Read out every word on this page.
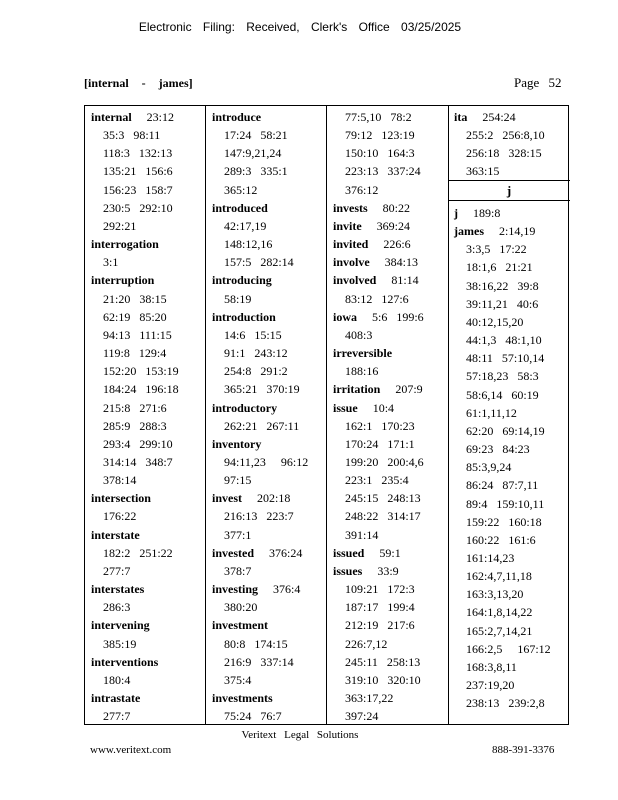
Electronic Filing: Received, Clerk's Office 03/25/2025
[internal - james]	Page 52
internal     23:12
35:3   98:11
118:3   132:13
135:21   156:6
156:23   158:7
230:5   292:10
292:21
interrogation
3:1
interruption
21:20   38:15
62:19   85:20
94:13   111:15
119:8   129:4
152:20   153:19
184:24   196:18
215:8   271:6
285:9   288:3
293:4   299:10
314:14   348:7
378:14
intersection
176:22
interstate
182:2   251:22
277:7
interstates
286:3
intervening
385:19
interventions
180:4
intrastate
277:7
introduce
17:24   58:21
147:9,21,24
289:3   335:1
365:12
introduced
42:17,19
148:12,16
157:5   282:14
introducing
58:19
introduction
14:6   15:15
91:1   243:12
254:8   291:2
365:21   370:19
introductory
262:21   267:11
inventory
94:11,23     96:12
97:15
invest     202:18
216:13   223:7
377:1
invested     376:24
378:7
investing     376:4
380:20
investment
80:8   174:15
216:9   337:14
375:4
investments
75:24   76:7
77:5,10   78:2
79:12   123:19
150:10   164:3
223:13   337:24
376:12
invests     80:22
invite     369:24
invited     226:6
involve     384:13
involved     81:14
83:12   127:6
iowa     5:6   199:6
408:3
irreversible
188:16
irritation     207:9
issue     10:4
162:1   170:23
170:24   171:1
199:20   200:4,6
223:1   235:4
245:15   248:13
248:22   314:17
391:14
issued     59:1
issues     33:9
109:21   172:3
187:17   199:4
212:19   217:6
226:7,12
245:11   258:13
319:10   320:10
363:17,22
397:24
ita     254:24
255:2   256:8,10
256:18   328:15
363:15
j
j     189:8
james     2:14,19
3:3,5   17:22
18:1,6   21:21
38:16,22   39:8
39:11,21   40:6
40:12,15,20
44:1,3   48:1,10
48:11   57:10,14
57:18,23   58:3
58:6,14   60:19
61:1,11,12
62:20   69:14,19
69:23   84:23
85:3,9,24
86:24   87:7,11
89:4   159:10,11
159:22   160:18
160:22   161:6
161:14,23
162:4,7,11,18
163:3,13,20
164:1,8,14,22
165:2,7,14,21
166:2,5     167:12
168:3,8,11
237:19,20
238:13   239:2,8
Veritext Legal Solutions
www.veritext.com	888-391-3376
